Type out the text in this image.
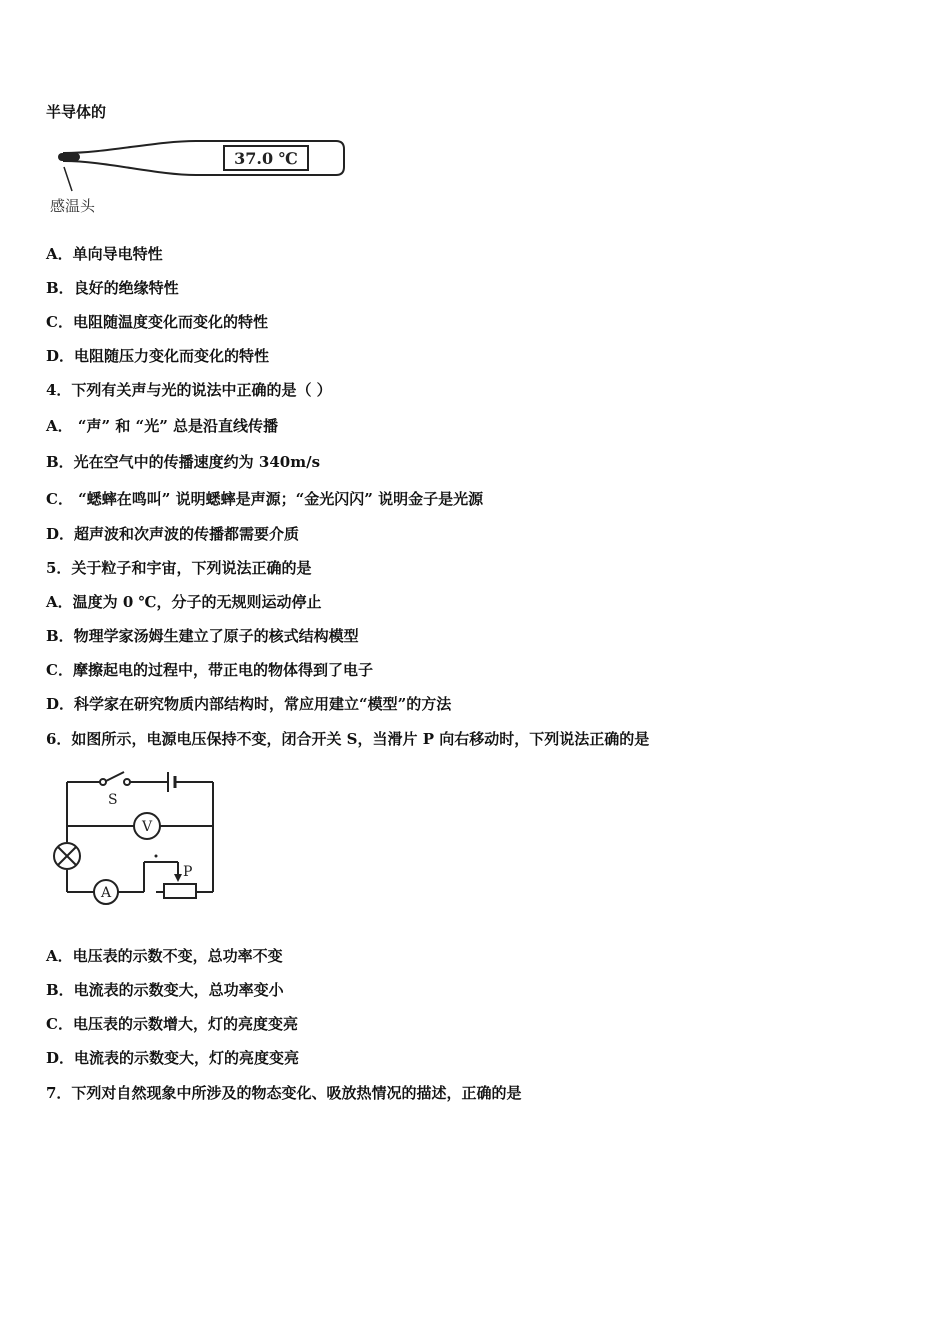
半导体的
37.0 ℃
感温头
A．单向导电特性
B．良好的绝缘特性
C．电阻随温度变化而变化的特性
D．电阻随压力变化而变化的特性
4．下列有关声与光的说法中正确的是（ ）
A． “声” 和 “光” 总是沿直线传播
B．光在空气中的传播速度约为 340m/s
C． “蟋蟀在鸣叫” 说明蟋蟀是声源；“金光闪闪” 说明金子是光源
D．超声波和次声波的传播都需要介质
5．关于粒子和宇宙，下列说法正确的是
A．温度为 0 ℃，分子的无规则运动停止
B．物理学家汤姆生建立了原子的核式结构模型
C．摩擦起电的过程中，带正电的物体得到了电子
D．科学家在研究物质内部结构时，常应用建立“模型”的方法
6．如图所示，电源电压保持不变，闭合开关 S，当滑片 P 向右移动时，下列说法正确的是
S
V
A
P
A．电压表的示数不变，总功率不变
B．电流表的示数变大，总功率变小
C．电压表的示数增大，灯的亮度变亮
D．电流表的示数变大，灯的亮度变亮
7．下列对自然现象中所涉及的物态变化、吸放热情况的描述，正确的是
